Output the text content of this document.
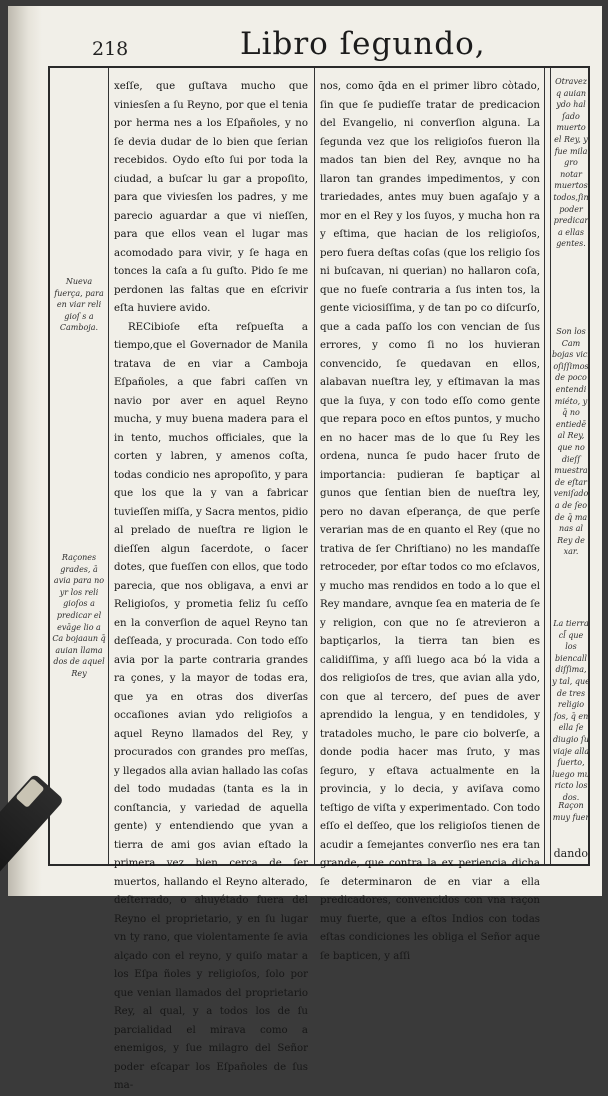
218	Libro ſegundo,
Nueva fuerça, para en viar reli gioſ s a Camboja.
Raçones grades, ā avia para no yr los reli gioſos a predicar el evāge lio a Ca bojaaun q̄ auian llama dos de aquel Rey

xeſſe, que guſtava mucho que viniesſen a ſu Reyno, por que el tenia por herma nes a los Eſpañoles, y no ſe devia dudar de lo bien que ſerian recebidos. Oydo eſto ſui por toda la ciudad, a buſcar lu gar a propoſito, para que viviesſen los padres, y me parecio aguardar a que vi nieſſen, para que ellos vean el lugar mas acomodado para vivir, y ſe haga en tonces la caſa a ſu guſto. Pido ſe me perdonen las faltas que en eſcrivir eſta huviere avido.

RECibioſe eſta reſpueſta a tiempo,que el Governador de Manila tratava de en viar a Camboja Eſpañoles, a que fabri caſſen vn navio por aver en aquel Reyno mucha, y muy buena madera para el in tento, muchos officiales, que la corten y labren, y amenos coſta, todas condicio nes apropoſito, y para que los que la y van a fabricar tuvieſſen miſſa, y Sacra mentos, pidio al prelado de nueſtra re ligion le dieſſen algun ſacerdote, o ſacer dotes, que fueſſen con ellos, que todo parecia, que nos obligava, a envi ar Religioſos, y prometia feliz ſu ceſſo en la converſion de aquel Reyno tan deſſeada, y procurada. Con todo eſſo avia por la parte contraria grandes ra çones, y la mayor de todas era, que ya en otras dos diverſas occaſiones avian ydo religioſos a aquel Reyno llamados del Rey, y procurados con grandes pro meſſas, y llegados alla avian hallado las coſas del todo mudadas (tanta es la in conſtancia, y variedad de aquella gente) y entendiendo que yvan a tierra de ami gos avian eſtado la primera vez bien cerca de ſer muertos, hallando el Reyno alterado, deſterrado, o ahuyétado fuera del Reyno el proprietario, y en ſu lugar vn ty rano, que violentamente ſe avia alçado con el reyno, y quiſo matar a los Eſpa ñoles y religioſos, ſolo por que venian llamados del proprietario Rey, al qual, y a todos los de ſu parcialidad el mirava como a enemigos, y ſue milagro del Señor poder eſcapar los Eſpañoles de ſus ma-

nos, como q̄da en el primer libro còtado, ſin que ſe pudieſſe tratar de predicacion del Evangelio, ni converſion alguna. La ſegunda vez que los religioſos fueron lla mados tan bien del Rey, avnque no ha llaron tan grandes impedimentos, y con trariedades, antes muy buen agaſajo y a mor en el Rey y los ſuyos, y mucha hon ra y eſtima, que hacian de los religioſos, pero fuera deſtas coſas (que los religio ſos ni buſcavan, ni querian) no hallaron coſa, que no fueſe contraria a ſus inten tos, la gente viciosiſſima, y de tan po co diſcurſo, que a cada paſſo los con vencian de ſus errores, y como ſi no los huvieran convencido, ſe quedavan en ellos, alabavan nueſtra ley, y eſtimavan la mas que la ſuya, y con todo eſſo como gente que repara poco en eſtos puntos, y mucho en no hacer mas de lo que ſu Rey les ordena, nunca ſe pudo hacer ſruto de importancia: pudieran ſe baptiçar al gunos que ſentian bien de nueſtra ley, pero no davan eſperança, de que perſe verarian mas de en quanto el Rey (que no trativa de ſer Chriſtiano) no les mandaſſe retroceder, por eſtar todos co mo eſclavos, y mucho mas rendidos en todo a lo que el Rey mandare, avnque ſea en materia de ſe y religion, con que no ſe atrevieron a baptiçarlos, la tierra tan bien es calidiſſima, y aſſi luego aca bó la vida a dos religioſos de tres, que avian alla ydo, con que al tercero, deſ pues de aver aprendido la lengua, y en tendidoles, y tratadoles mucho, le pare cio bolverſe, a donde podia hacer mas ſruto, y mas ſeguro, y eſtava actualmente en la provincia, y lo decia, y aviſava como teſtigo de viſta y experimentado. Con todo eſſo el deſſeo, que los religioſos tienen de acudir a ſemejantes converſio nes era tan grande, que contra la ex periencia dicha ſe determinaron de en viar a ella predicadores, convencidos con vna raçon muy fuerte, que a eſtos Indios con todas eſtas condiciones les obliga el Señor aque ſe bapticen, y aſſi

Otravez q auian ydo hal ſado muerto el Rey, y fue mila gro notar muertos todos,ſin poder predicar a ellas gentes.
Son los Cam bojas vici oſiſſimos de poco entendi miéto, y q̄ no entiedē al Rey, que no dieſſ muestra de eſtar veniſado a de ſeo de q̄ ma nas al Rey de xar.
La tierra cl̄ que los biencall diſſima, y tal, que de tres religio ſos, q̄ en ella ſe diugio ſu viaje alla ſuerto, luego mu ricto los dos.
Raçon muy fuer
dando
